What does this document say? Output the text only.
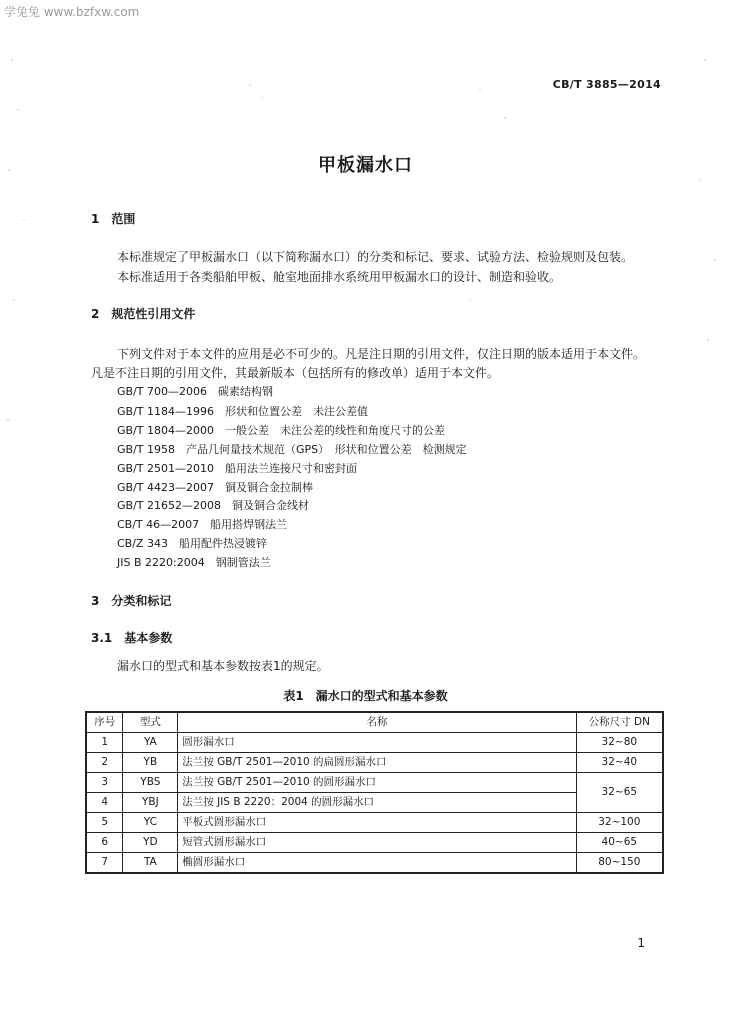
学兔兔 www.bzfxw.com
CB/T 3885—2014
甲板漏水口
1　范围
本标准规定了甲板漏水口（以下简称漏水口）的分类和标记、要求、试验方法、检验规则及包装。
本标准适用于各类船舶甲板、舱室地面排水系统用甲板漏水口的设计、制造和验收。
2　规范性引用文件
下列文件对于本文件的应用是必不可少的。凡是注日期的引用文件，仅注日期的版本适用于本文件。
凡是不注日期的引用文件，其最新版本（包括所有的修改单）适用于本文件。
GB/T 700—2006　碳素结构钢
GB/T 1184—1996　形状和位置公差　未注公差值
GB/T 1804—2000　一般公差　未注公差的线性和角度尺寸的公差
GB/T 1958　产品几何量技术规范（GPS）　形状和位置公差　检测规定
GB/T 2501—2010　船用法兰连接尺寸和密封面
GB/T 4423—2007　铜及铜合金拉制棒
GB/T 21652—2008　铜及铜合金线材
CB/T 46—2007　船用搭焊钢法兰
CB/Z 343　船用配件热浸镀锌
JIS B 2220:2004　钢制管法兰
3　分类和标记
3.1　基本参数
漏水口的型式和基本参数按表1的规定。
表1　漏水口的型式和基本参数
序号	型式	名称	公称尺寸 DN
1	YA	圆形漏水口	32~80
2	YB	法兰按 GB/T 2501—2010 的扁圆形漏水口	32~40
3	YBS	法兰按 GB/T 2501—2010 的圆形漏水口	32~65
4	YBJ	法兰按 JIS B 2220：2004 的圆形漏水口	
5	YC	平板式圆形漏水口	32~100
6	YD	短管式圆形漏水口	40~65
7	TA	椭圆形漏水口	80~150
1
